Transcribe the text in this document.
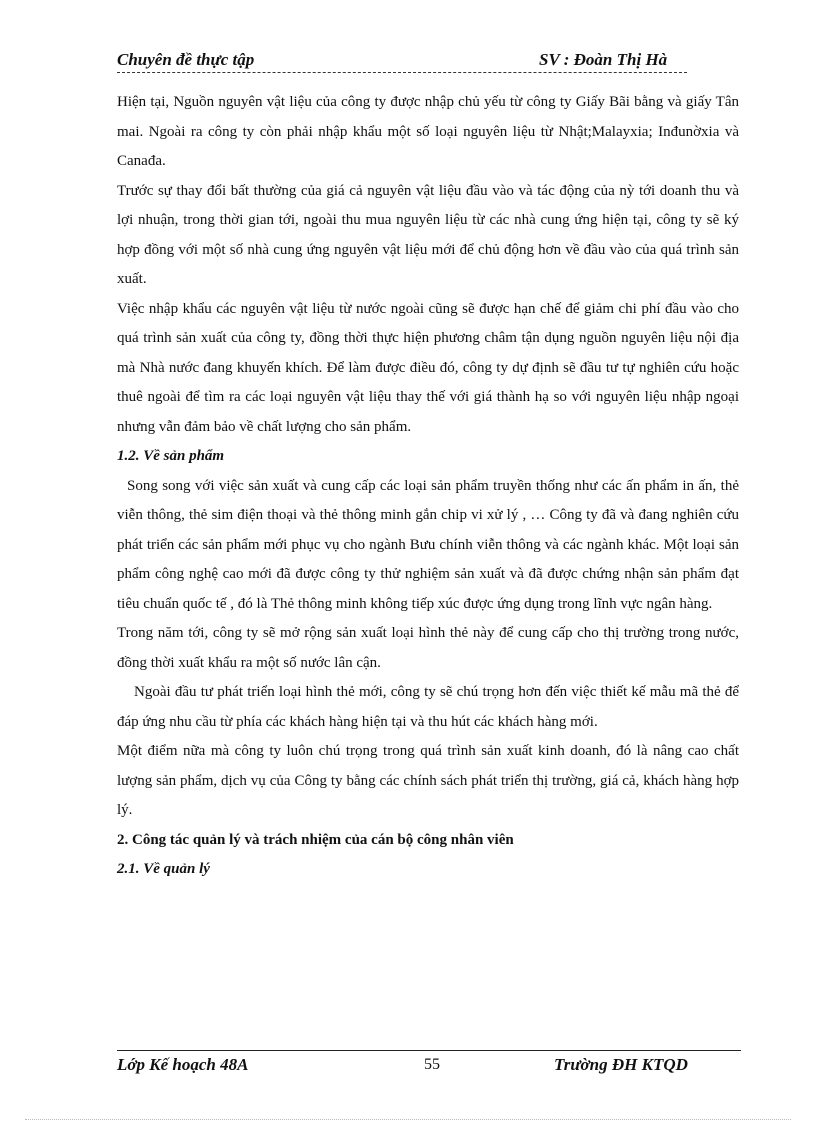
Chuyên đề thực tập	SV : Đoàn Thị Hà

Hiện tại, Nguồn nguyên vật liệu của công ty được nhập chủ yếu từ công ty Giấy Bãi bằng và giấy Tân mai. Ngoài ra công ty còn phải nhập khẩu một số loại nguyên liệu từ Nhật;Malayxia; Inđunờxia và Canađa.

Trước sự thay đổi bất thường của giá cả nguyên vật liệu đầu vào và tác động của nỳ tới doanh thu và lợi nhuận, trong thời gian tới, ngoài thu mua nguyên liệu từ các nhà cung ứng hiện tại, công ty sẽ ký hợp đồng với một số nhà cung ứng nguyên vật liệu mới để chủ động hơn về đầu vào của quá trình sản xuất.

Việc nhập khẩu các nguyên vật liệu từ nước ngoài cũng sẽ được hạn chế để giảm chi phí đầu vào cho quá trình sản xuất của công ty, đồng thời thực hiện phương châm tận dụng nguồn nguyên liệu nội địa mà Nhà nước đang khuyến khích. Để làm được điều đó, công ty dự định sẽ đầu tư tự nghiên cứu hoặc thuê ngoài để tìm ra các loại nguyên vật liệu thay thế với giá thành hạ so với nguyên liệu nhập ngoại nhưng vẫn đảm bảo về chất lượng cho sản phẩm.

1.2. Về sản phẩm

Song song với việc sản xuất và cung cấp các loại sản phẩm truyền thống như các ấn phẩm in ấn, thẻ viễn thông, thẻ sim điện thoại và thẻ thông minh gắn chip vi xử lý , … Công ty đã và đang nghiên cứu phát triển các sản phẩm mới phục vụ cho ngành Bưu chính viễn thông và các ngành khác. Một loại sản phẩm công nghệ cao mới đã được công ty thử nghiệm sản xuất và đã được chứng nhận sản phẩm đạt tiêu chuẩn quốc tế , đó là Thẻ thông minh không tiếp xúc được ứng dụng trong lĩnh vực ngân hàng.

Trong năm tới, công ty sẽ mở rộng sản xuất loại hình thẻ này để cung cấp cho thị trường trong nước, đồng thời xuất khẩu ra một số nước lân cận.

Ngoài đầu tư phát triển loại hình thẻ mới, công ty sẽ chú trọng hơn đến việc thiết kế mẫu mã thẻ để đáp ứng nhu cầu từ phía các khách hàng hiện tại và thu hút các khách hàng mới.

Một điểm nữa mà công ty luôn chú trọng trong quá trình sản xuất kinh doanh, đó là nâng cao chất lượng sản phẩm, dịch vụ của Công ty bằng các chính sách phát triển thị trường, giá cả, khách hàng hợp lý.

2. Công tác quản lý và trách nhiệm của cán bộ công nhân viên
2.1. Về quản lý
Lớp Kế hoạch 48A	55	Trường ĐH KTQD
